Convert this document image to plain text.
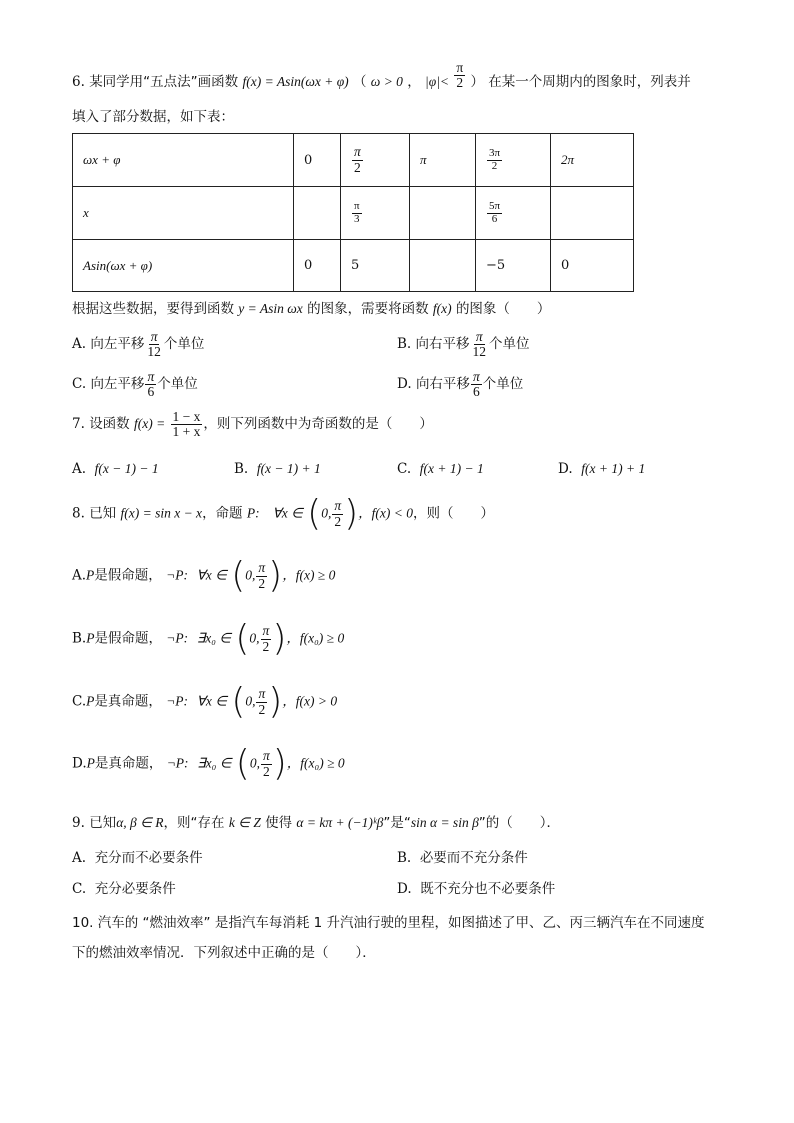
6. 某同学用“五点法”画函数 f(x) = Asin(ωx + φ) （ ω > 0 ， $|\varphi|< \frac{\pi}{2}$ ） 在某一个周期内的图象时，列表并
填入了部分数据，如下表：
ωx + φ	0	$\frac{\pi}{2}$	π	$\frac{3\pi}{2}$	2π
x		$\frac{\pi}{3}$		$\frac{5\pi}{6}$

Asin(ωx + φ)	0	5		−5	0
根据这些数据，要得到函数 y = Asin ωx 的图象，需要将函数 f(x) 的图象（　　）
A. 向左平移 $\frac{\pi}{12}$ 个单位	B. 向右平移 $\frac{\pi}{12}$ 个单位
C. 向左平移 $\frac{\pi}{6}$ 个单位	D. 向右平移 $\frac{\pi}{6}$ 个单位
7. 设函数 $f(x) = \frac{1 - x}{1 + x}$ ，则下列函数中为奇函数的是（　　）
A. f(x − 1) − 1	B. f(x − 1) + 1	C. f(x + 1) − 1	D. f(x + 1) + 1
8. 已知 f(x) = sin x − x，命题 P: ∀x ∈ (0, $\frac{\pi}{2}$ )，f(x) < 0，则（　　）
A.P是假命题， ¬P: ∀x ∈ (0, $\frac{\pi}{2}$ )，f(x) ≥ 0
B.P是假命题， ¬P: ∃x₀ ∈ (0, $\frac{\pi}{2}$ )，f(x₀) ≥ 0
C.P是真命题， ¬P: ∀x ∈ (0, $\frac{\pi}{2}$ )，f(x) > 0
D.P是真命题， ¬P: ∃x₀ ∈ (0, $\frac{\pi}{2}$ )，f(x₀) ≥ 0
9. 已知α, β ∈ R，则“存在 k ∈ Z 使得 α = kπ + (−1)ᵏβ”是“sin α = sin β”的（　　）．
A. 充分而不必要条件	B. 必要而不充分条件
C. 充分必要条件	D. 既不充分也不必要条件
10. 汽车的 “燃油效率” 是指汽车每消耗 1 升汽油行驶的里程，如图描述了甲、乙、丙三辆汽车在不同速度
下的燃油效率情况．下列叙述中正确的是（　　）．
